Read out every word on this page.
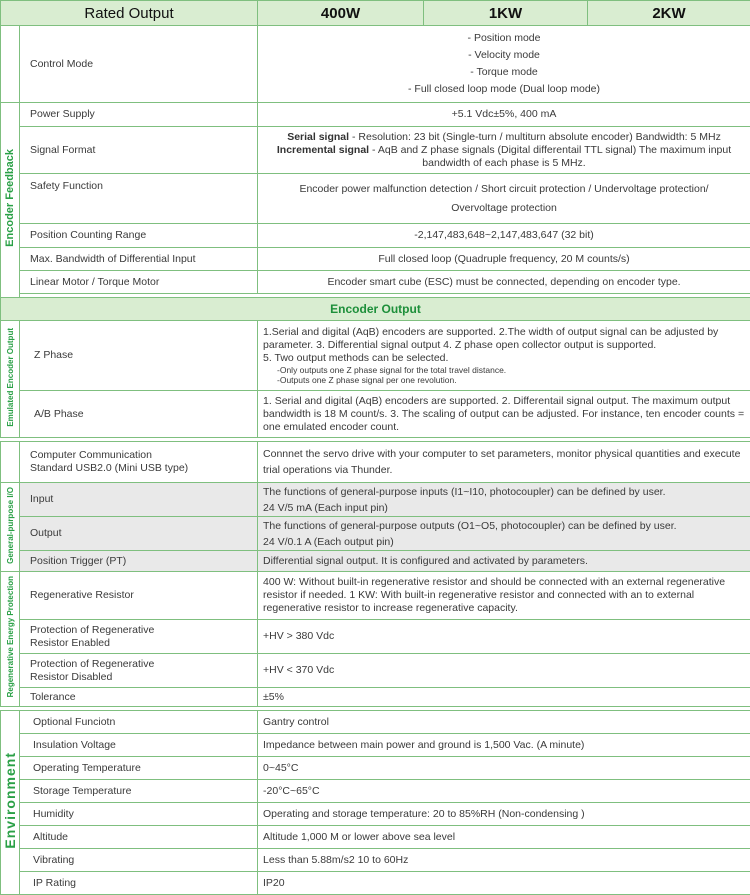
Rated Output		400W	1KW	2KW
	Control Mode	- Position mode
- Velocity mode
- Torque mode
- Full closed loop mode (Dual loop mode)		

Encoder Feedback	Power Supply	+5.1 Vdc±5%, 400 mA		
	Signal Format	Serial signal - Resolution: 23 bit (Single-turn / multiturn absolute encoder) Bandwidth: 5 MHz
Incremental signal - AqB and Z phase signals (Digital differentail TTL signal) The maximum input bandwidth of each phase is 5 MHz.		
	Safety Function	Encoder power malfunction detection / Short circuit protection / Undervoltage protection/
Overvoltage protection		

	Position Counting Range	-2,147,483,648~2,147,483,647 (32 bit)		
	Max. Bandwidth of Differential Input	Full closed loop (Quadruple frequency, 20 M counts/s)		
	Linear Motor / Torque Motor	Encoder smart cube (ESC) must be connected, depending on encoder type.		

Encoder Output				
Emulated Encoder Output	Z Phase	1.Serial and digital (AqB) encoders are supported. 2.The width of output signal can be adjusted by parameter. 3. Differential signal output 4. Z phase open collector output is supported.
5. Two output methods can be selected.
-Only outputs one Z phase signal for the total travel distance.
-Outputs one Z phase signal per one revolution.		

	A/B Phase	1. Serial and digital (AqB) encoders are supported. 2. Differentail signal output. The maximum output bandwidth is 18 M count/s. 3. The scaling of output can be adjusted. For instance, ten encoder counts = one emulated encoder count.		

	Computer Communication
Standard USB2.0 (Mini USB type)	Connnet the servo drive with your computer to set parameters, monitor physical quantities and execute trial operations via Thunder.		
General-purpose I/O	Input	The functions of general-purpose inputs (I1~I10, photocoupler) can be defined by user.
24 V/5 mA (Each input pin)		

	Output	The functions of general-purpose outputs (O1~O5, photocoupler) can be defined by user.
24 V/0.1 A (Each output pin)		

	Position Trigger (PT)	Differential signal output. It is configured and activated by parameters.		
Regenerative Energy Protection	Regenerative Resistor	400 W: Without built-in regenerative resistor and should be connected with an external regenerative resistor if needed. 1 KW: With built-in regenerative resistor and connected with an to external regenerative resistor to increase regenerative capacity.		

	Protection of Regenerative
Resistor Enabled	+HV > 380 Vdc		

	Protection of Regenerative
Resistor Disabled	+HV < 370 Vdc		
	Tolerance	±5%		

Environment	Optional Funciotn	Gantry control		
	Insulation Voltage	Impedance between main power and ground is 1,500 Vac. (A minute)		
	Operating Temperature	0~45°C		
	Storage Temperature	-20°C~65°C		
	Humidity	Operating and storage temperature: 20 to 85%RH (Non-condensing )		
	Altitude	Altitude 1,000 M or lower above sea level		
	Vibrating	Less than 5.88m/s2 10 to 60Hz		
	IP Rating	IP20		
